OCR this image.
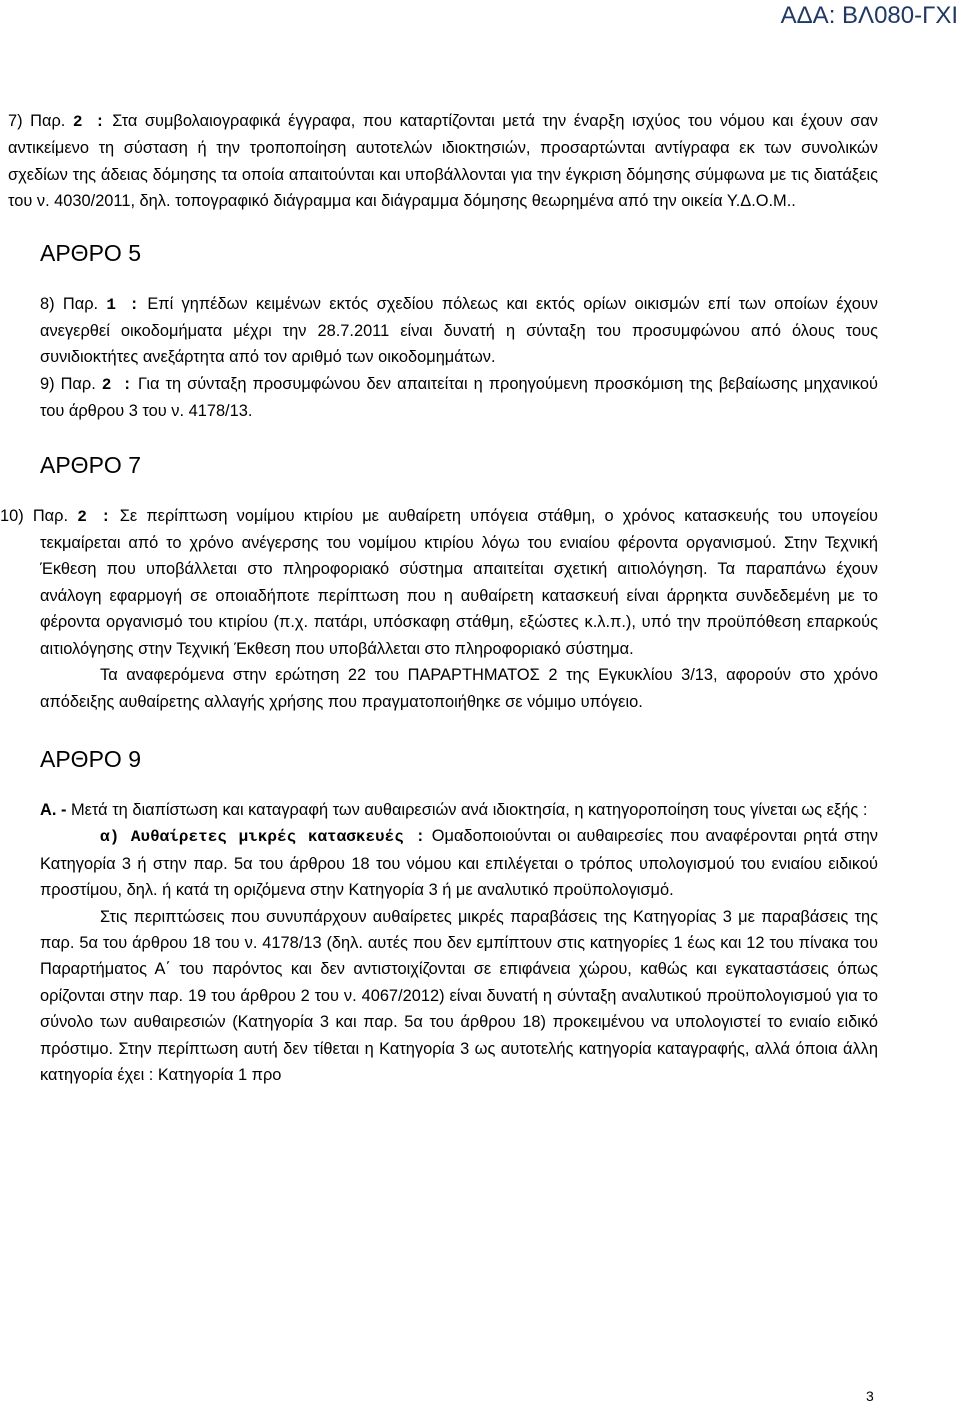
ΑΔΑ: ΒΛ080-ΓΧΙ

7) Παρ. 2 : Στα συμβολαιογραφικά έγγραφα, που καταρτίζονται μετά την έναρξη ισχύος του νόμου και έχουν σαν αντικείμενο τη σύσταση ή την τροποποίηση αυτοτελών ιδιοκτησιών, προσαρτώνται αντίγραφα εκ των συνολικών σχεδίων της άδειας δόμησης τα οποία απαιτούνται και υποβάλλονται για την έγκριση δόμησης σύμφωνα με τις διατάξεις του ν. 4030/2011, δηλ. τοπογραφικό διάγραμμα και διάγραμμα δόμησης θεωρημένα από την οικεία Υ.Δ.Ο.Μ..

ΑΡΘΡΟ 5

8) Παρ. 1 : Επί γηπέδων κειμένων εκτός σχεδίου πόλεως και εκτός ορίων οικισμών επί των οποίων έχουν ανεγερθεί οικοδομήματα μέχρι την 28.7.2011 είναι δυνατή η σύνταξη του προσυμφώνου από όλους τους συνιδιοκτήτες ανεξάρτητα από τον αριθμό των οικοδομημάτων.

9) Παρ. 2 : Για τη σύνταξη προσυμφώνου δεν απαιτείται η προηγούμενη προσκόμιση της βεβαίωσης μηχανικού του άρθρου 3 του ν. 4178/13.

ΑΡΘΡΟ 7

10) Παρ. 2 : Σε περίπτωση νομίμου κτιρίου με αυθαίρετη υπόγεια στάθμη, ο χρόνος κατασκευής του υπογείου τεκμαίρεται από το χρόνο ανέγερσης του νομίμου κτιρίου λόγω του ενιαίου φέροντα οργανισμού. Στην Τεχνική Έκθεση που υποβάλλεται στο πληροφοριακό σύστημα απαιτείται σχετική αιτιολόγηση. Τα παραπάνω έχουν ανάλογη εφαρμογή σε οποιαδήποτε περίπτωση που η αυθαίρετη κατασκευή είναι άρρηκτα συνδεδεμένη με το φέροντα οργανισμό του κτιρίου (π.χ. πατάρι, υπόσκαφη στάθμη, εξώστες κ.λ.π.), υπό την προϋπόθεση επαρκούς αιτιολόγησης στην Τεχνική Έκθεση που υποβάλλεται στο πληροφοριακό σύστημα.

Τα αναφερόμενα στην ερώτηση 22 του ΠΑΡΑΡΤΗΜΑΤΟΣ 2 της Εγκυκλίου 3/13, αφορούν στο χρόνο απόδειξης αυθαίρετης αλλαγής χρήσης που πραγματοποιήθηκε σε νόμιμο υπόγειο.

ΑΡΘΡΟ 9

Α. - Μετά τη διαπίστωση και καταγραφή των αυθαιρεσιών ανά ιδιοκτησία, η κατηγοροποίηση τους γίνεται ως εξής :

α) Αυθαίρετες μικρές κατασκευές : Ομαδοποιούνται οι αυθαιρεσίες που αναφέρονται ρητά στην Κατηγορία 3 ή στην παρ. 5α του άρθρου 18 του νόμου και επιλέγεται ο τρόπος υπολογισμού του ενιαίου ειδικού προστίμου, δηλ. ή κατά τη οριζόμενα στην Κατηγορία 3 ή με αναλυτικό προϋπολογισμό.

Στις περιπτώσεις που συνυπάρχουν αυθαίρετες μικρές παραβάσεις της Κατηγορίας 3 με παραβάσεις της παρ. 5α του άρθρου 18 του ν. 4178/13 (δηλ. αυτές που δεν εμπίπτουν στις κατηγορίες 1 έως και 12 του πίνακα του Παραρτήματος Α΄ του παρόντος και δεν αντιστοιχίζονται σε επιφάνεια χώρου, καθώς και εγκαταστάσεις όπως ορίζονται στην παρ. 19 του άρθρου 2 του ν. 4067/2012) είναι δυνατή η σύνταξη αναλυτικού προϋπολογισμού για το σύνολο των αυθαιρεσιών (Κατηγορία 3 και παρ. 5α του άρθρου 18) προκειμένου να υπολογιστεί το ενιαίο ειδικό πρόστιμο. Στην περίπτωση αυτή δεν τίθεται η Κατηγορία 3 ως αυτοτελής κατηγορία καταγραφής, αλλά όποια άλλη κατηγορία έχει : Κατηγορία 1 προ

3
